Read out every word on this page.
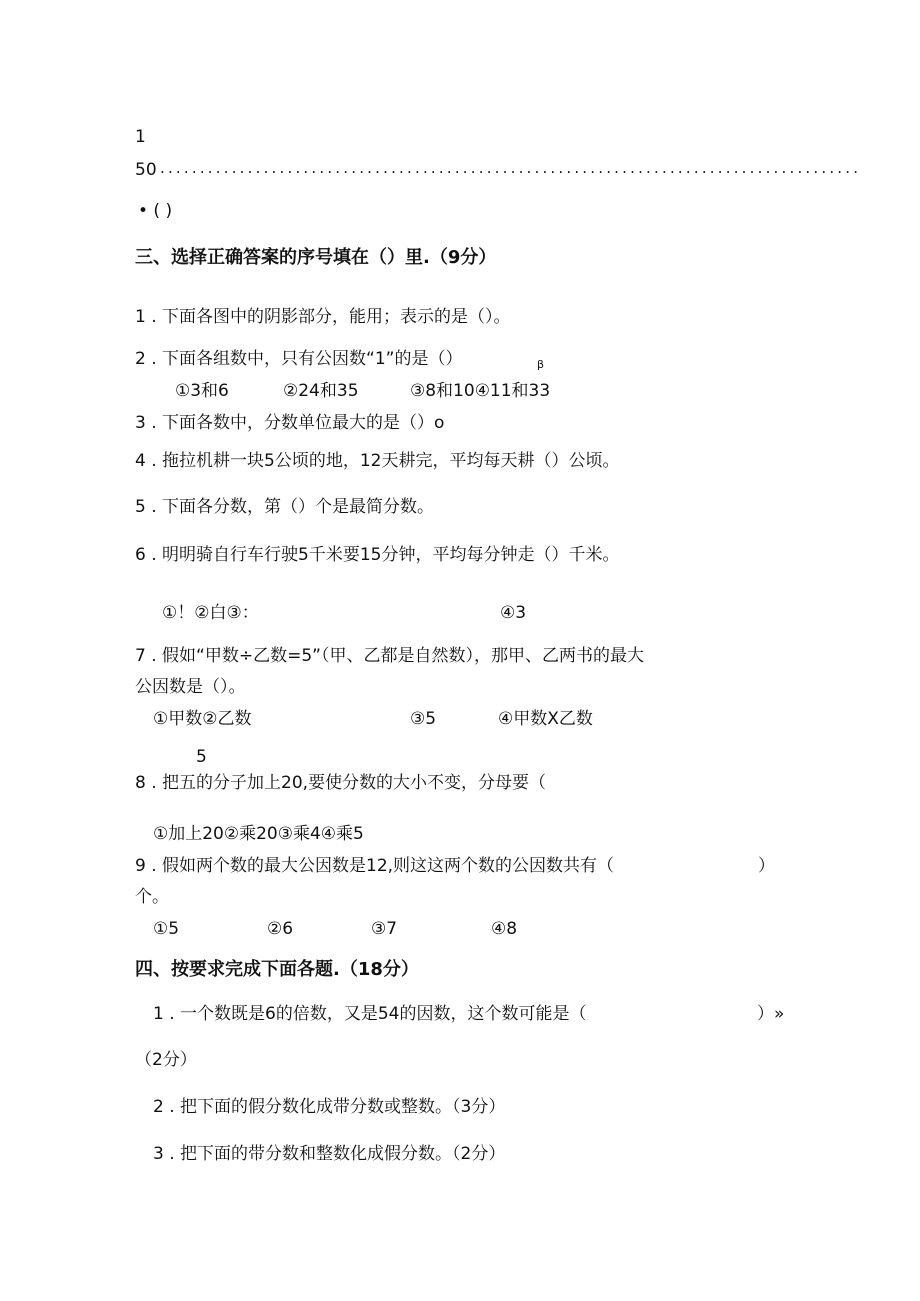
1
50 ........................................................................................
• ( )
三、选择正确答案的序号填在（）里.（9分）
1 . 下面各图中的阴影部分，能用；表示的是（）。
2 . 下面各组数中，只有公因数“1”的是（）	β
①3和6	②24和35	③8和10④11和33
3 . 下面各数中，分数单位最大的是（）o
4 . 拖拉机耕一块5公顷的地，12天耕完，平均每天耕（）公顷。
5 . 下面各分数，第（）个是最简分数。
6 . 明明骑自行车行驶5千米要15分钟，平均每分钟走（）千米。
①！②白③：	④3
7 . 假如“甲数÷乙数=5”（甲、乙都是自然数），那甲、乙两书的最大
公因数是（）。
①甲数②乙数	③5	④甲数X乙数
5
8 . 把五的分子加上20,要使分数的大小不变，分母要（
①加上20②乘20③乘4④乘5
9 . 假如两个数的最大公因数是12,则这这两个数的公因数共有（	）
个。
①5	②6	③7	④8
四、按要求完成下面各题.（18分）
1 . 一个数既是6的倍数，又是54的因数，这个数可能是（	）»
（2分）
2 . 把下面的假分数化成带分数或整数。（3分）
3 . 把下面的带分数和整数化成假分数。（2分）
